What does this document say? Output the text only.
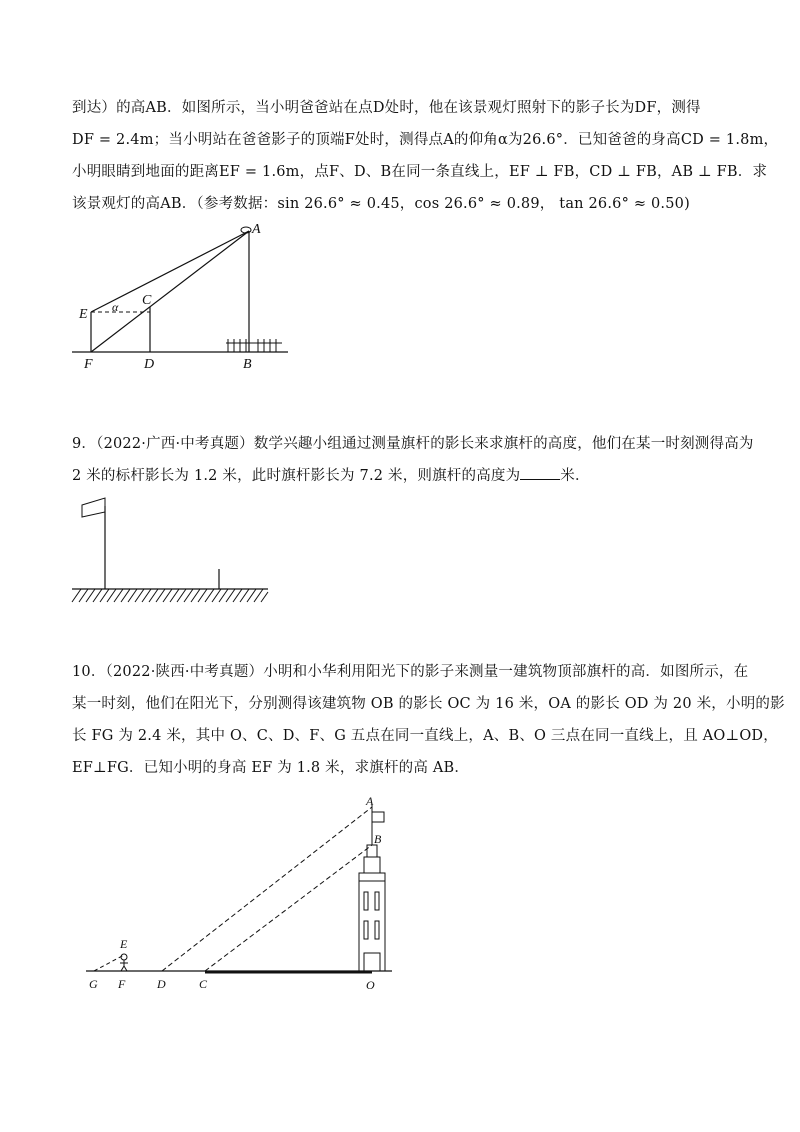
到达）的高AB．如图所示，当小明爸爸站在点D处时，他在该景观灯照射下的影子长为DF，测得
DF = 2.4m；当小明站在爸爸影子的顶端F处时，测得点A的仰角α为26.6°．已知爸爸的身高CD = 1.8m，
小明眼睛到地面的距离EF = 1.6m，点F、D、B在同一条直线上，EF ⊥ FB，CD ⊥ FB，AB ⊥ FB．求
该景观灯的高AB．（参考数据：sin 26.6° ≈ 0.45，cos 26.6° ≈ 0.89， tan 26.6° ≈ 0.50)
A
C
E α
F	D	B
9．（2022·广西·中考真题）数学兴趣小组通过测量旗杆的影长来求旗杆的高度，他们在某一时刻测得高为
2 米的标杆影长为 1.2 米，此时旗杆影长为 7.2 米，则旗杆的高度为	米．
10．（2022·陕西·中考真题）小明和小华利用阳光下的影子来测量一建筑物顶部旗杆的高．如图所示，在
某一时刻，他们在阳光下，分别测得该建筑物 OB 的影长 OC 为 16 米，OA 的影长 OD 为 20 米，小明的影
长 FG 为 2.4 米，其中 O、C、D、F、G 五点在同一直线上，A、B、O 三点在同一直线上，且 AO⊥OD，
EF⊥FG．已知小明的身高 EF 为 1.8 米，求旗杆的高 AB．
A
B
E
G F	D	C	O
